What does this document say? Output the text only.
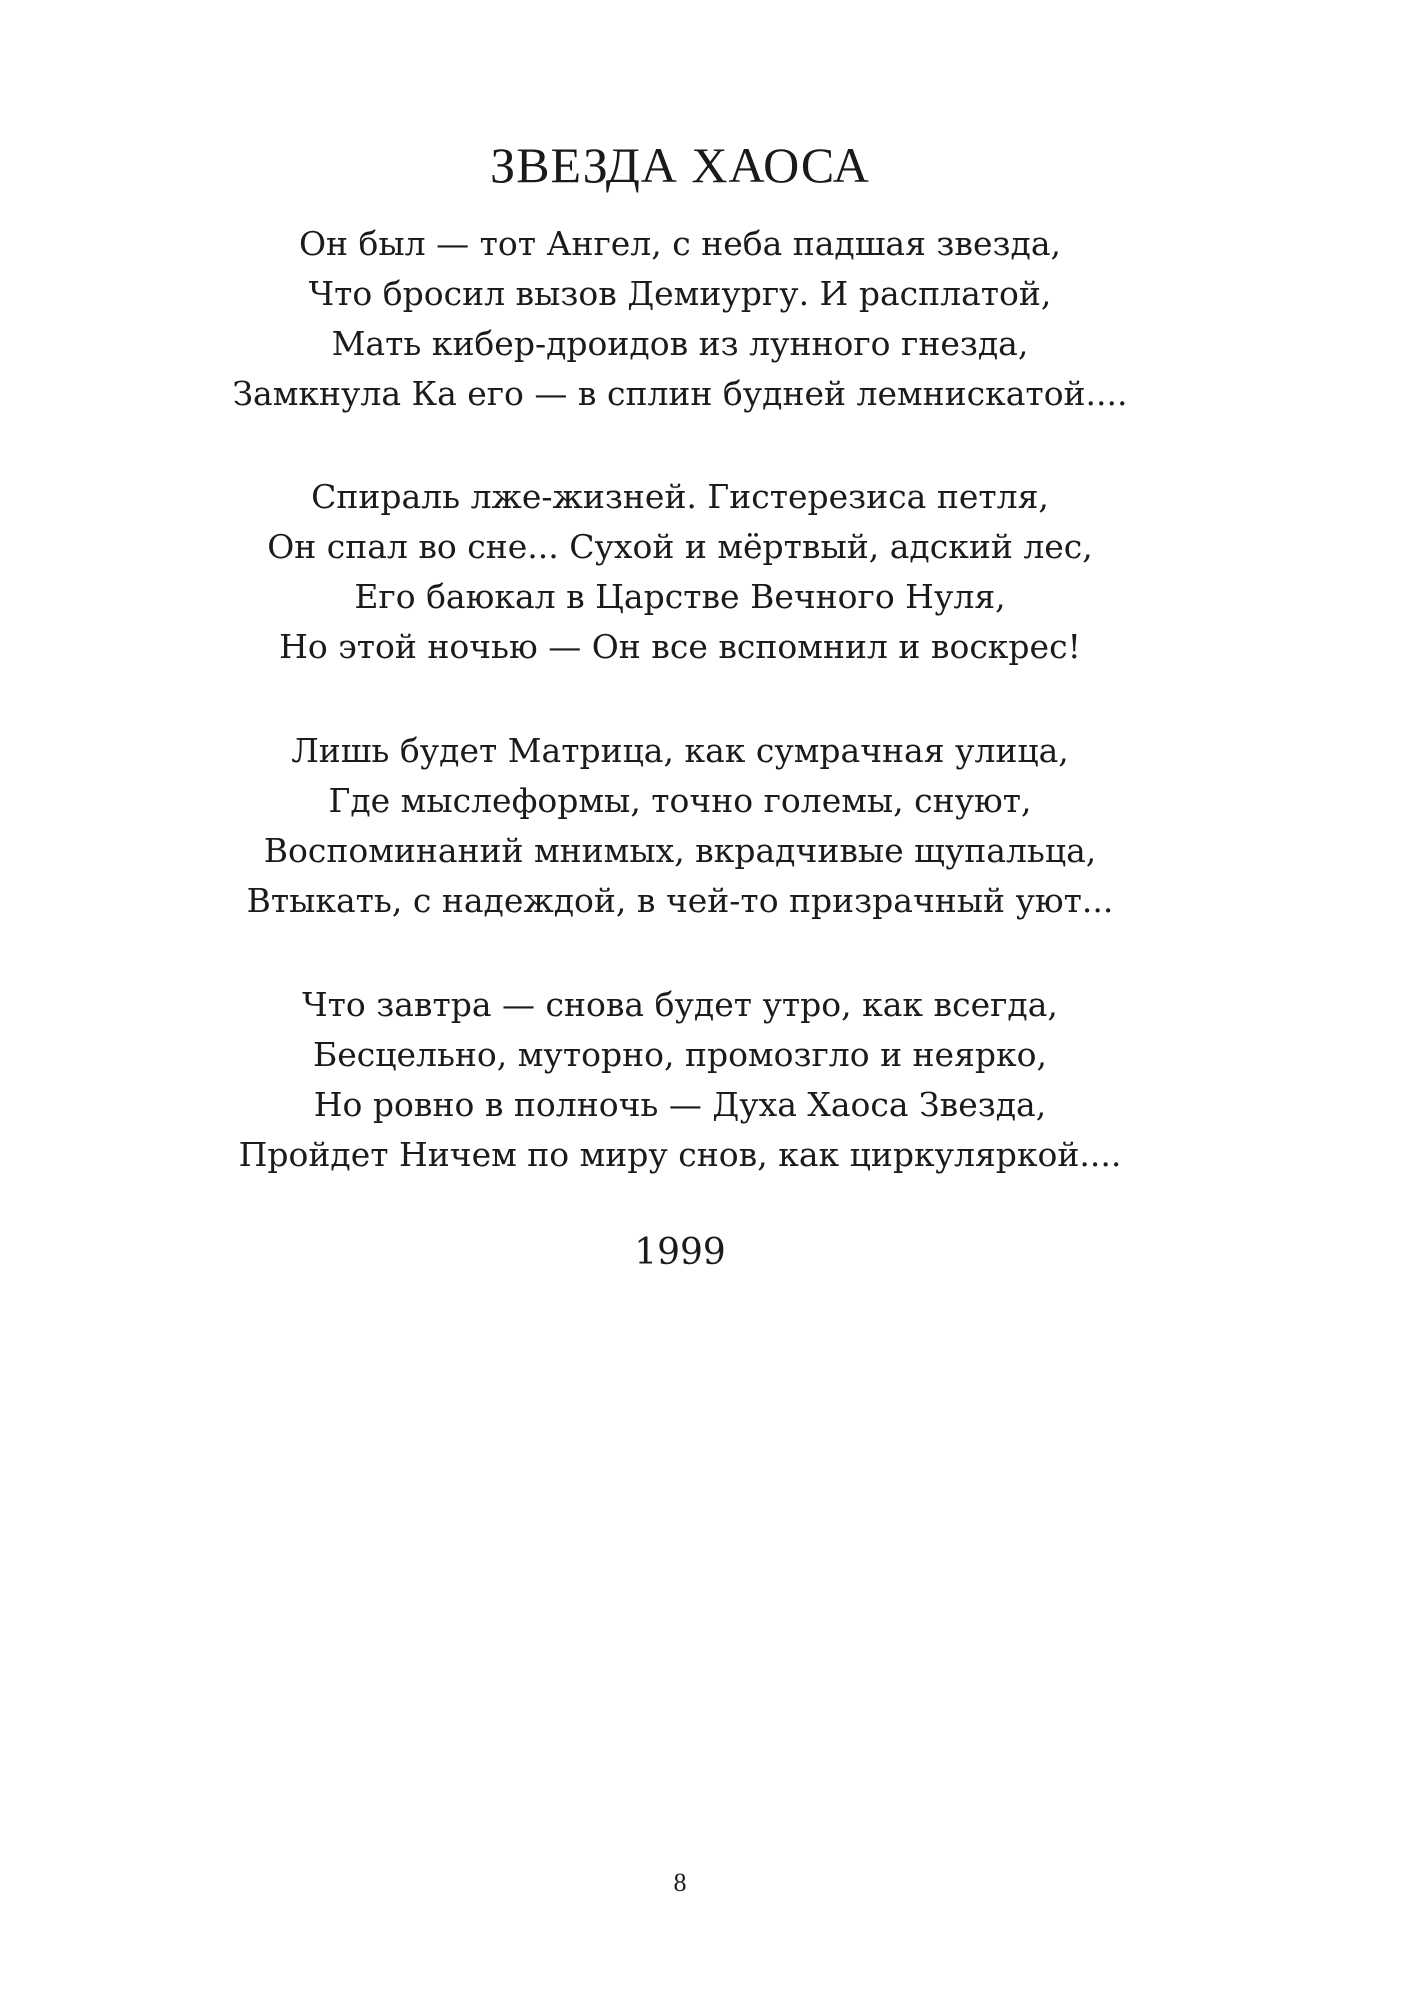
ЗВЕЗДА ХАОСА
Он был — тот Ангел, с неба падшая звезда,
Что бросил вызов Демиургу. И расплатой,
Мать кибер-дроидов из лунного гнезда,
Замкнула Ка его — в сплин будней лемнискатой....
Спираль лже-жизней. Гистерезиса петля,
Он спал во сне... Сухой и мёртвый, адский лес,
Его баюкал в Царстве Вечного Нуля,
Но этой ночью — Он все вспомнил и воскрес!
Лишь будет Матрица, как сумрачная улица,
Где мыслеформы, точно големы, снуют,
Воспоминаний мнимых, вкрадчивые щупальца,
Втыкать, с надеждой, в чей-то призрачный уют...
Что завтра — снова будет утро, как всегда,
Бесцельно, муторно, промозгло и неярко,
Но ровно в полночь — Духа Хаоса Звезда,
Пройдет Ничем по миру снов, как циркуляркой....
1999
8
